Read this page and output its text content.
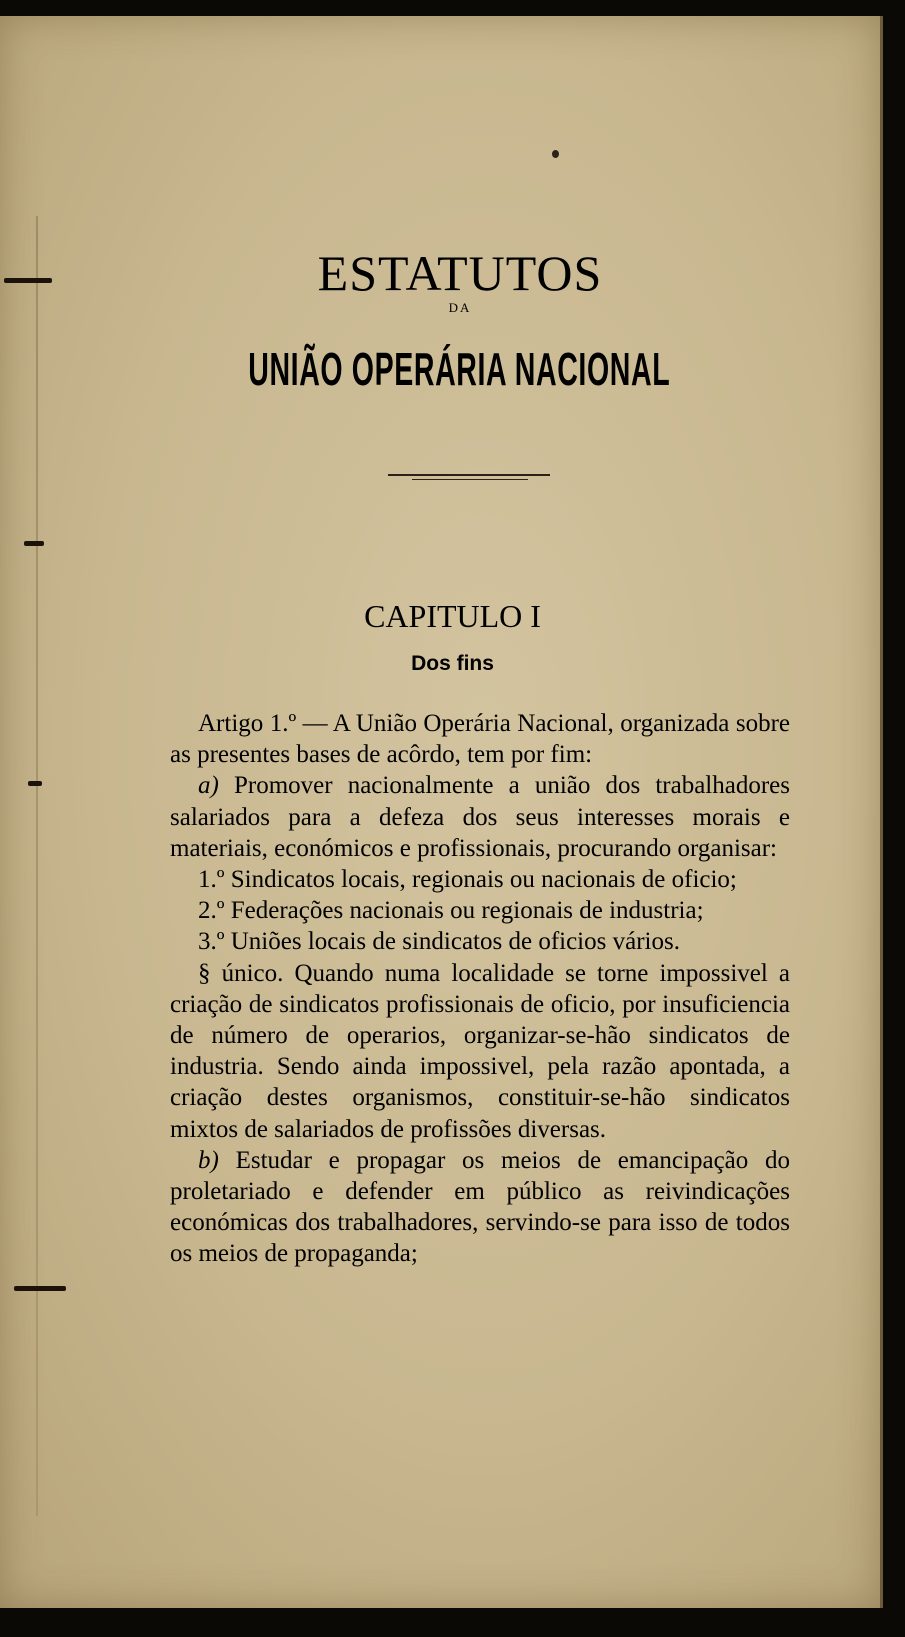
ESTATUTOS
DA
UNIÃO OPERÁRIA NACIONAL
CAPITULO I
Dos fins

Artigo 1.º — A União Operária Nacional, organizada sobre as presentes bases de acôrdo, tem por fim:

a) Promover nacionalmente a união dos trabalhadores salariados para a defeza dos seus interesses morais e materiais, económicos e profissionais, procurando organisar:

1.º Sindicatos locais, regionais ou nacionais de oficio;

2.º Federações nacionais ou regionais de industria;

3.º Uniões locais de sindicatos de oficios vários.

§ único. Quando numa localidade se torne impossivel a criação de sindicatos profissionais de oficio, por insuficiencia de número de operarios, organizar-se-hão sindicatos de industria. Sendo ainda impossivel, pela razão apontada, a criação destes organismos, constituir-se-hão sindicatos mixtos de salariados de profissões diversas.

b) Estudar e propagar os meios de emancipação do proletariado e defender em público as reivindicações económicas dos trabalhadores, servindo-se para isso de todos os meios de propaganda;
